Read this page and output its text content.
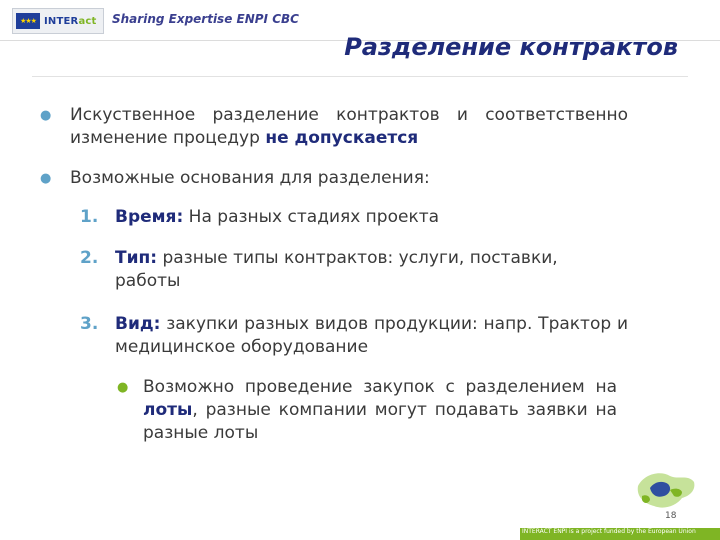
★★★ INTERact Sharing Expertise ENPI CBC
Разделение контрактов
● Искуственное разделение контрактов и соответственно изменение процедур не допускается
● Возможные основания для разделения:
1. Время: На разных стадиях проекта
2. Тип: разные типы контрактов: услуги, поставки, работы
3. Вид: закупки разных видов продукции: напр. Трактор и медицинское оборудование
● Возможно проведение закупок с разделением на лоты, разные компании могут подавать заявки на разные лоты
18
INTERACT ENPI is a project funded by the European Union
